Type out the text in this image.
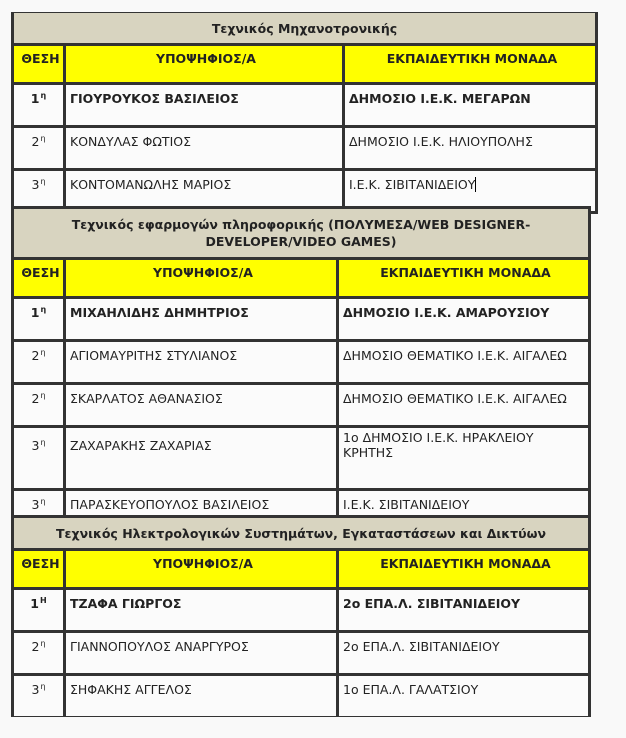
Τεχνικός Μηχανοτρονικής		
ΘΕΣΗ	ΥΠΟΨΗΦΙΟΣ/Α	ΕΚΠΑΙΔΕΥΤΙΚΗ ΜΟΝΑΔΑ
$1^\eta$	ΓΙΟΥΡΟΥΚΟΣ ΒΑΣΙΛΕΙΟΣ	ΔΗΜΟΣΙΟ Ι.Ε.Κ. ΜΕΓΑΡΩΝ
$2^\eta$	ΚΟΝΔΥΛΑΣ ΦΩΤΙΟΣ	ΔΗΜΟΣΙΟ Ι.Ε.Κ. ΗΛΙΟΥΠΟΛΗΣ
$3^\eta$	ΚΟΝΤΟΜΑΝΩΛΗΣ ΜΑΡΙΟΣ	Ι.Ε.Κ. ΣΙΒΙΤΑΝΙΔΕΙΟΥ
Τεχνικός εφαρμογών πληροφορικής (ΠΟΛΥΜΕΣΑ/WEB DESIGNER-DEVELOPER/VIDEO GAMES)		
ΘΕΣΗ	ΥΠΟΨΗΦΙΟΣ/Α	ΕΚΠΑΙΔΕΥΤΙΚΗ ΜΟΝΑΔΑ
$1^\eta$	ΜΙΧΑΗΛΙΔΗΣ ΔΗΜΗΤΡΙΟΣ	ΔΗΜΟΣΙΟ Ι.Ε.Κ. ΑΜΑΡΟΥΣΙΟΥ
$2^\eta$	ΑΓΙΟΜΑΥΡΙΤΗΣ ΣΤΥΛΙΑΝΟΣ	ΔΗΜΟΣΙΟ ΘΕΜΑΤΙΚΟ Ι.Ε.Κ. ΑΙΓΑΛΕΩ
$2^\eta$	ΣΚΑΡΛΑΤΟΣ ΑΘΑΝΑΣΙΟΣ	ΔΗΜΟΣΙΟ ΘΕΜΑΤΙΚΟ Ι.Ε.Κ. ΑΙΓΑΛΕΩ
$3^\eta$	ΖΑΧΑΡΑΚΗΣ ΖΑΧΑΡΙΑΣ	1ο ΔΗΜΟΣΙΟ Ι.Ε.Κ. ΗΡΑΚΛΕΙΟΥ ΚΡΗΤΗΣ
$3^\eta$	ΠΑΡΑΣΚΕΥΟΠΟΥΛΟΣ ΒΑΣΙΛΕΙΟΣ	Ι.Ε.Κ. ΣΙΒΙΤΑΝΙΔΕΙΟΥ
Τεχνικός Ηλεκτρολογικών Συστημάτων, Εγκαταστάσεων και Δικτύων		
ΘΕΣΗ	ΥΠΟΨΗΦΙΟΣ/Α	ΕΚΠΑΙΔΕΥΤΙΚΗ ΜΟΝΑΔΑ
$1^H$	ΤΖΑΦΑ ΓΙΩΡΓΟΣ	2ο ΕΠΑ.Λ. ΣΙΒΙΤΑΝΙΔΕΙΟΥ
$2^\eta$	ΓΙΑΝΝΟΠΟΥΛΟΣ ΑΝΑΡΓΥΡΟΣ	2ο ΕΠΑ.Λ. ΣΙΒΙΤΑΝΙΔΕΙΟΥ
$3^\eta$	ΣΗΦΑΚΗΣ ΑΓΓΕΛΟΣ	1ο ΕΠΑ.Λ. ΓΑΛΑΤΣΙΟΥ
